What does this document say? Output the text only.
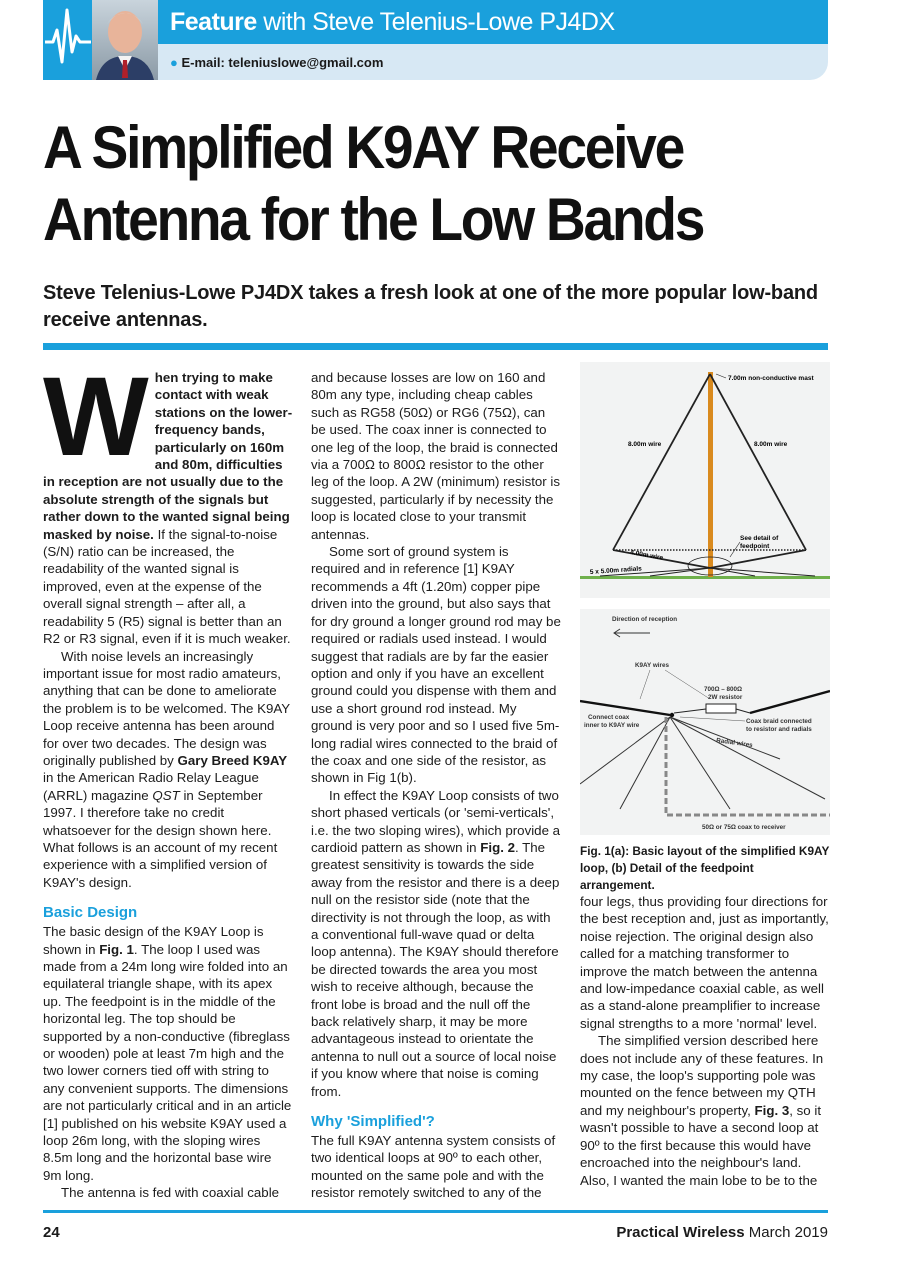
Feature with Steve Telenius-Lowe PJ4DX
● E-mail: teleniuslowe@gmail.com
A Simplified K9AY Receive
Antenna for the Low Bands

Steve Telenius-Lowe PJ4DX takes a fresh look at one of the more popular low-band receive antennas.

When trying to make contact with weak stations on the lower-frequency bands, particularly on 160m and 80m, difficulties in reception are not usually due to the absolute strength of the signals but rather down to the wanted signal being masked by noise. If the signal-to-noise (S/N) ratio can be increased, the readability of the wanted signal is improved, even at the expense of the overall signal strength – after all, a readability 5 (R5) signal is better than an R2 or R3 signal, even if it is much weaker.

With noise levels an increasingly important issue for most radio amateurs, anything that can be done to ameliorate the problem is to be welcomed. The K9AY Loop receive antenna has been around for over two decades. The design was originally published by Gary Breed K9AY in the American Radio Relay League (ARRL) magazine QST in September 1997. I therefore take no credit whatsoever for the design shown here. What follows is an account of my recent experience with a simplified version of K9AY's design.

Basic Design

The basic design of the K9AY Loop is shown in Fig. 1. The loop I used was made from a 24m long wire folded into an equilateral triangle shape, with its apex up. The feedpoint is in the middle of the horizontal leg. The top should be supported by a non-conductive (fibreglass or wooden) pole at least 7m high and the two lower corners tied off with string to any convenient supports. The dimensions are not particularly critical and in an article [1] published on his website K9AY used a loop 26m long, with the sloping wires 8.5m long and the horizontal base wire 9m long.

The antenna is fed with coaxial cable

and because losses are low on 160 and 80m any type, including cheap cables such as RG58 (50Ω) or RG6 (75Ω), can be used. The coax inner is connected to one leg of the loop, the braid is connected via a 700Ω to 800Ω resistor to the other leg of the loop. A 2W (minimum) resistor is suggested, particularly if by necessity the loop is located close to your transmit antennas.

Some sort of ground system is required and in reference [1] K9AY recommends a 4ft (1.20m) copper pipe driven into the ground, but also says that for dry ground a longer ground rod may be required or radials used instead. I would suggest that radials are by far the easier option and only if you have an excellent ground could you dispense with them and use a short ground rod instead. My ground is very poor and so I used five 5m-long radial wires connected to the braid of the coax and one side of the resistor, as shown in Fig 1(b).

In effect the K9AY Loop consists of two short phased verticals (or 'semi-verticals', i.e. the two sloping wires), which provide a cardioid pattern as shown in Fig. 2. The greatest sensitivity is towards the side away from the resistor and there is a deep null on the resistor side (note that the directivity is not through the loop, as with a conventional full-wave quad or delta loop antenna). The K9AY should therefore be directed towards the area you most wish to receive although, because the front lobe is broad and the null off the back relatively sharp, it may be more advantageous instead to orientate the antenna to null out a source of local noise if you know where that noise is coming from.

Why 'Simplified'?

The full K9AY antenna system consists of two identical loops at 90º to each other, mounted on the same pole and with the resistor remotely switched to any of the

7.00m non-conductive mast
8.00m wire	8.00m wire
4.00m wire
5 x 5.00m radials
See detail of
feedpoint
Direction of reception
K9AY wires
700Ω – 800Ω
2W resistor
Connect coax
inner to K9AY wire
Coax braid connected
to resistor and radials
Radial wires
50Ω or 75Ω coax to receiver

Fig. 1(a): Basic layout of the simplified K9AY loop, (b) Detail of the feedpoint arrangement.

four legs, thus providing four directions for the best reception and, just as importantly, noise rejection. The original design also called for a matching transformer to improve the match between the antenna and low-impedance coaxial cable, as well as a stand-alone preamplifier to increase signal strengths to a more 'normal' level.

The simplified version described here does not include any of these features. In my case, the loop's supporting pole was mounted on the fence between my QTH and my neighbour's property, Fig. 3, so it wasn't possible to have a second loop at 90º to the first because this would have encroached into the neighbour's land. Also, I wanted the main lobe to be to the

24	Practical Wireless March 2019
